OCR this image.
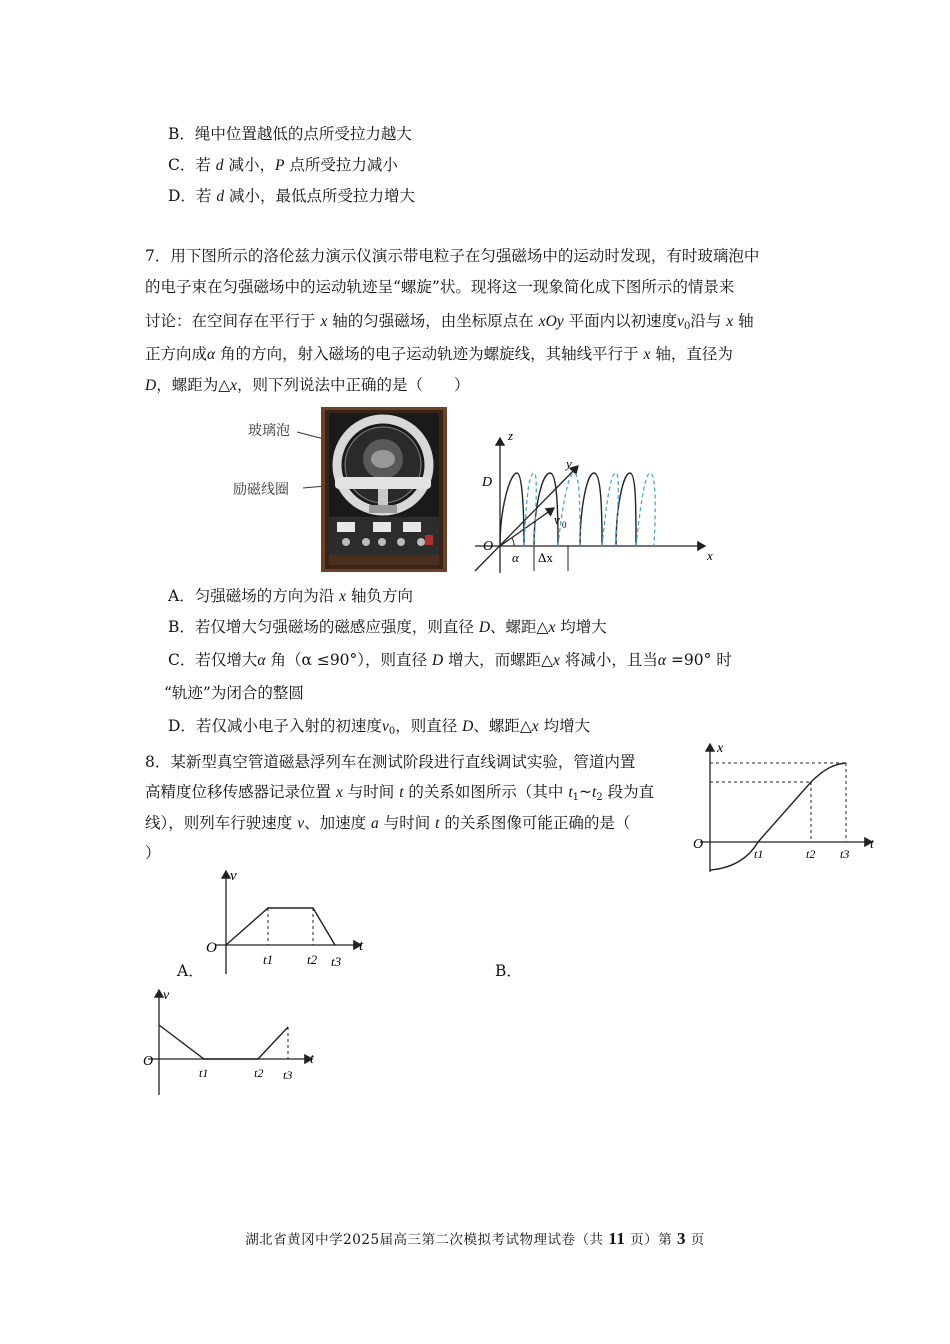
B．绳中位置越低的点所受拉力越大
C．若 d 减小，P 点所受拉力减小
D．若 d 减小，最低点所受拉力增大
7．用下图所示的洛伦兹力演示仪演示带电粒子在匀强磁场中的运动时发现，有时玻璃泡中
的电子束在匀强磁场中的运动轨迹呈“螺旋”状。现将这一现象简化成下图所示的情景来
讨论：在空间存在平行于 x 轴的匀强磁场，由坐标原点在 xOy 平面内以初速度$v_0$沿与 x 轴
正方向成α 角的方向，射入磁场的电子运动轨迹为螺旋线，其轴线平行于 x 轴，直径为
D，螺距为△x，则下列说法中正确的是（　　）
玻璃泡
励磁线圈
z
y
x
D
O
v 0
α Δx
A．匀强磁场的方向为沿 x 轴负方向
B．若仅增大匀强磁场的磁感应强度，则直径 D、螺距△x 均增大
C．若仅增大α 角（α ≤90°），则直径 D 增大，而螺距△x 将减小，且当α =90° 时
“轨迹”为闭合的整圆
D．若仅减小电子入射的初速度$v_0$，则直径 D、螺距△x 均增大
8．某新型真空管道磁悬浮列车在测试阶段进行直线调试实验，管道内置
高精度位移传感器记录位置 x 与时间 t 的关系如图所示（其中 $t_1\sim t_2$ 段为直
线），则列车行驶速度 v、加速度 a 与时间 t 的关系图像可能正确的是（
）
x
t
O
t1	t2 t3
v
t
O
t1	t2 t3
A．	B．
v
t
O
t1	t2 t3
湖北省黄冈中学2025届高三第二次模拟考试物理试卷（共 11 页）第 3 页
